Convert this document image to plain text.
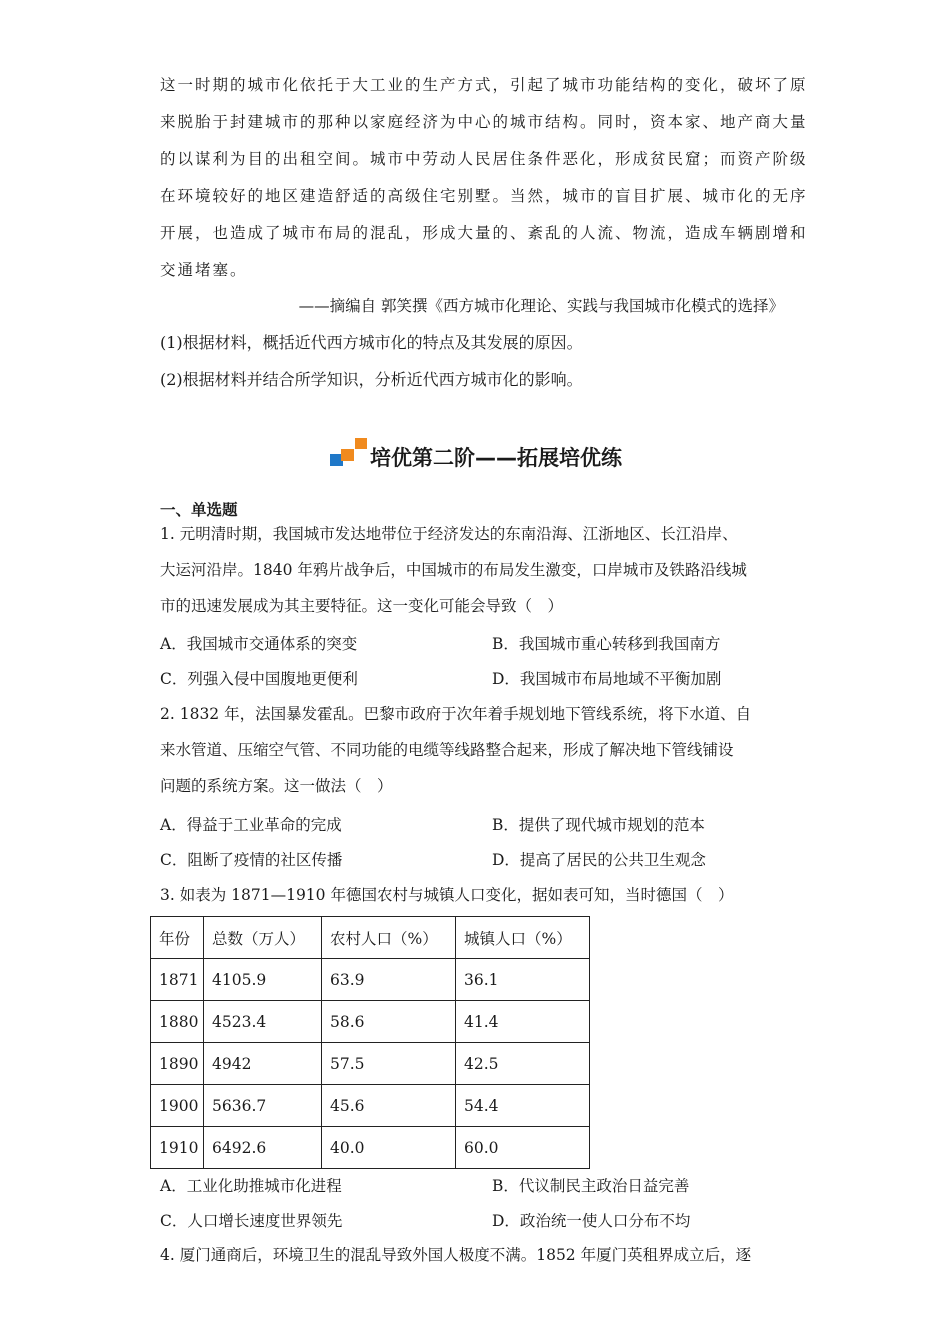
这一时期的城市化依托于大工业的生产方式，引起了城市功能结构的变化，破坏了原
来脱胎于封建城市的那种以家庭经济为中心的城市结构。同时，资本家、地产商大量
的以谋利为目的出租空间。城市中劳动人民居住条件恶化，形成贫民窟；而资产阶级
在环境较好的地区建造舒适的高级住宅别墅。当然，城市的盲目扩展、城市化的无序
开展，也造成了城市布局的混乱，形成大量的、紊乱的人流、物流，造成车辆剧增和
交通堵塞。
——摘编自 郭笑撰《西方城市化理论、实践与我国城市化模式的选择》
(1)根据材料，概括近代西方城市化的特点及其发展的原因。
(2)根据材料并结合所学知识，分析近代西方城市化的影响。
培优第二阶——拓展培优练
一、单选题
1. 元明清时期，我国城市发达地带位于经济发达的东南沿海、江浙地区、长江沿岸、
大运河沿岸。1840 年鸦片战争后，中国城市的布局发生激变，口岸城市及铁路沿线城
市的迅速发展成为其主要特征。这一变化可能会导致（　）
A．我国城市交通体系的突变	B．我国城市重心转移到我国南方
C．列强入侵中国腹地更便利	D．我国城市布局地域不平衡加剧
2. 1832 年，法国暴发霍乱。巴黎市政府于次年着手规划地下管线系统，将下水道、自
来水管道、压缩空气管、不同功能的电缆等线路整合起来，形成了解决地下管线铺设
问题的系统方案。这一做法（　）
A．得益于工业革命的完成	B．提供了现代城市规划的范本
C．阻断了疫情的社区传播	D．提高了居民的公共卫生观念
3. 如表为 1871—1910 年德国农村与城镇人口变化，据如表可知，当时德国（　）
年份	总数（万人）	农村人口（%）	城镇人口（%）
1871	4105.9	63.9	36.1
1880	4523.4	58.6	41.4
1890	4942	57.5	42.5
1900	5636.7	45.6	54.4
1910	6492.6	40.0	60.0
A．工业化助推城市化进程	B．代议制民主政治日益完善
C．人口增长速度世界领先	D．政治统一使人口分布不均
4. 厦门通商后，环境卫生的混乱导致外国人极度不满。1852 年厦门英租界成立后，逐
